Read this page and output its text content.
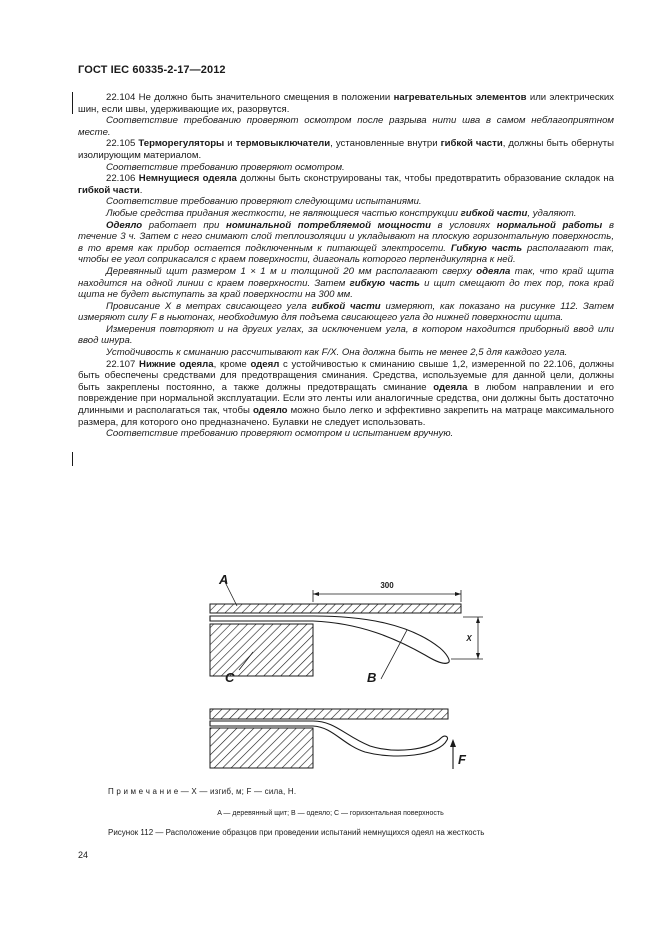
ГОСТ IEC 60335-2-17—2012

22.104 Не должно быть значительного смещения в положении нагревательных элементов или электрических шин, если швы, удерживающие их, разорвутся.

Соответствие требованию проверяют осмотром после разрыва нити шва в самом неблагоприятном месте.

22.105 Терморегуляторы и термовыключатели, установленные внутри гибкой части, должны быть обернуты изолирующим материалом.

Соответствие требованию проверяют осмотром.

22.106 Немнущиеся одеяла должны быть сконструированы так, чтобы предотвратить образование складок на гибкой части.

Соответствие требованию проверяют следующими испытаниями.

Любые средства придания жесткости, не являющиеся частью конструкции гибкой части, удаляют.

Одеяло работает при номинальной потребляемой мощности в условиях нормальной работы в течение 3 ч. Затем с него снимают слой теплоизоляции и укладывают на плоскую горизонтальную поверхность, в то время как прибор остается подключенным к питающей электросети. Гибкую часть располагают так, чтобы ее угол соприкасался с краем поверхности, диагональ которого перпендикулярна к ней.

Деревянный щит размером 1 × 1 м и толщиной 20 мм располагают сверху одеяла так, что край щита находится на одной линии с краем поверхности. Затем гибкую часть и щит смещают до тех пор, пока край щита не будет выступать за край поверхности на 300 мм.

Провисание X в метрах свисающего угла гибкой части измеряют, как показано на рисунке 112. Затем измеряют силу F в ньютонах, необходимую для подъема свисающего угла до нижней поверхности щита.

Измерения повторяют и на других углах, за исключением угла, в котором находится приборный ввод или ввод шнура.

Устойчивость к сминанию рассчитывают как F/X. Она должна быть не менее 2,5 для каждого угла.

22.107 Нижние одеяла, кроме одеял с устойчивостью к сминанию свыше 1,2, измеренной по 22.106, должны быть обеспечены средствами для предотвращения сминания. Средства, используемые для данной цели, должны быть закреплены постоянно, а также должны предотвращать сминание одеяла в любом направлении и его повреждение при нормальной эксплуатации. Если это ленты или аналогичные средства, они должны быть достаточно длинными и располагаться так, чтобы одеяло можно было легко и эффективно закрепить на матраце максимального размера, для которого оно предназначено. Булавки не следует использовать.

Соответствие требованию проверяют осмотром и испытанием вручную.

300
X
A
B
C
F
П р и м е ч а н и е — X — изгиб, м; F — сила, Н.
A — деревянный щит; B — одеяло; C — горизонтальная поверхность
Рисунок 112 — Расположение образцов при проведении испытаний немнущихся одеял на жесткость
24
